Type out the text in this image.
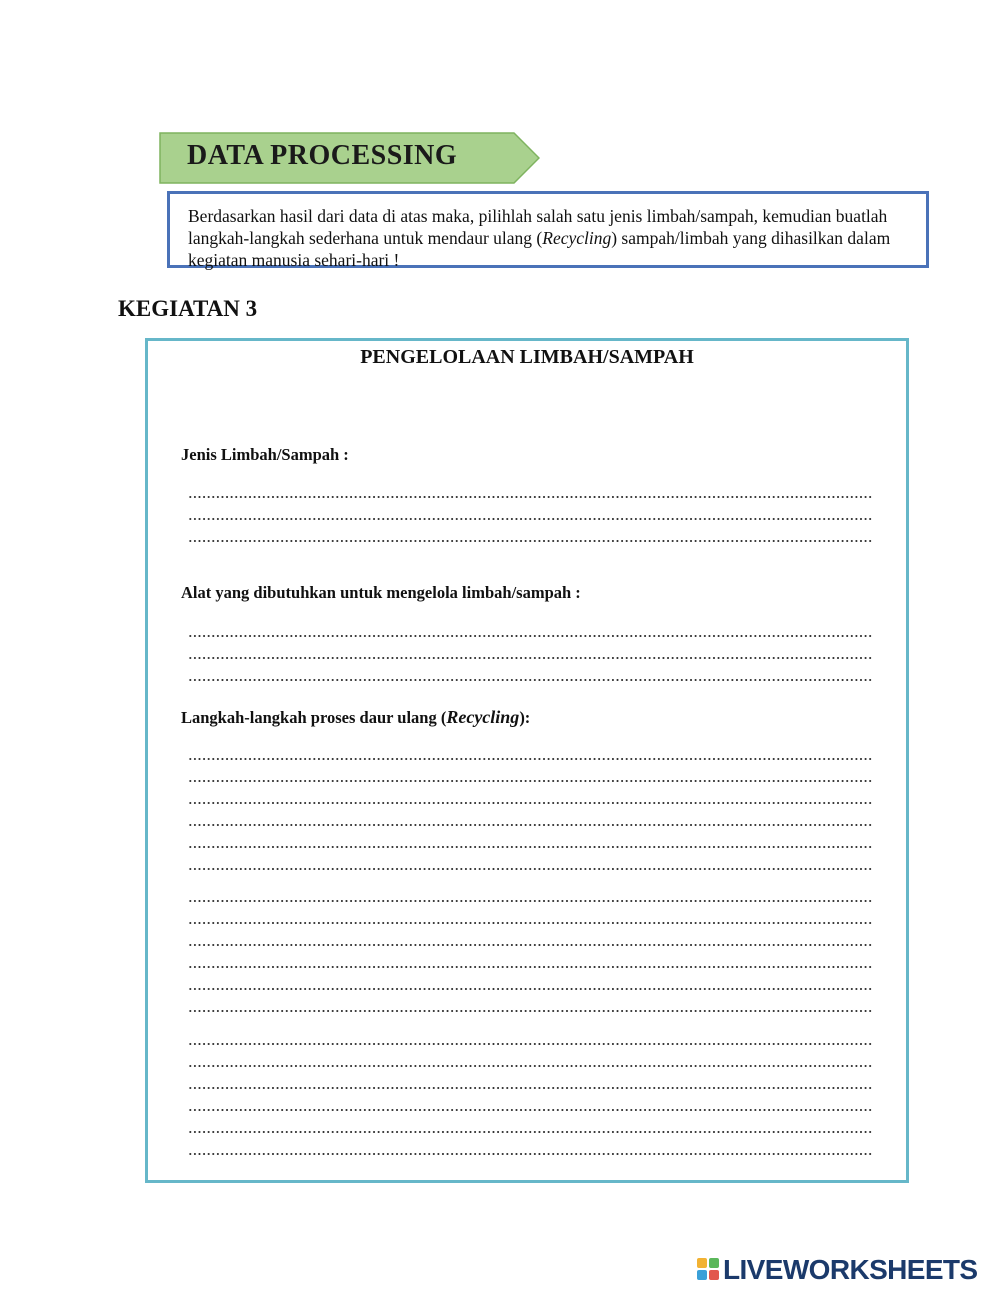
DATA PROCESSING

Berdasarkan hasil dari data di atas maka, pilihlah salah satu jenis limbah/sampah, kemudian buatlah langkah-langkah sederhana untuk mendaur ulang (Recycling) sampah/limbah yang dihasilkan dalam kegiatan manusia sehari-hari !

KEGIATAN 3
PENGELOLAAN LIMBAH/SAMPAH
Jenis Limbah/Sampah :
Alat yang dibutuhkan untuk mengelola limbah/sampah :
Langkah-langkah proses daur ulang (Recycling):
LIVEWORKSHEETS
